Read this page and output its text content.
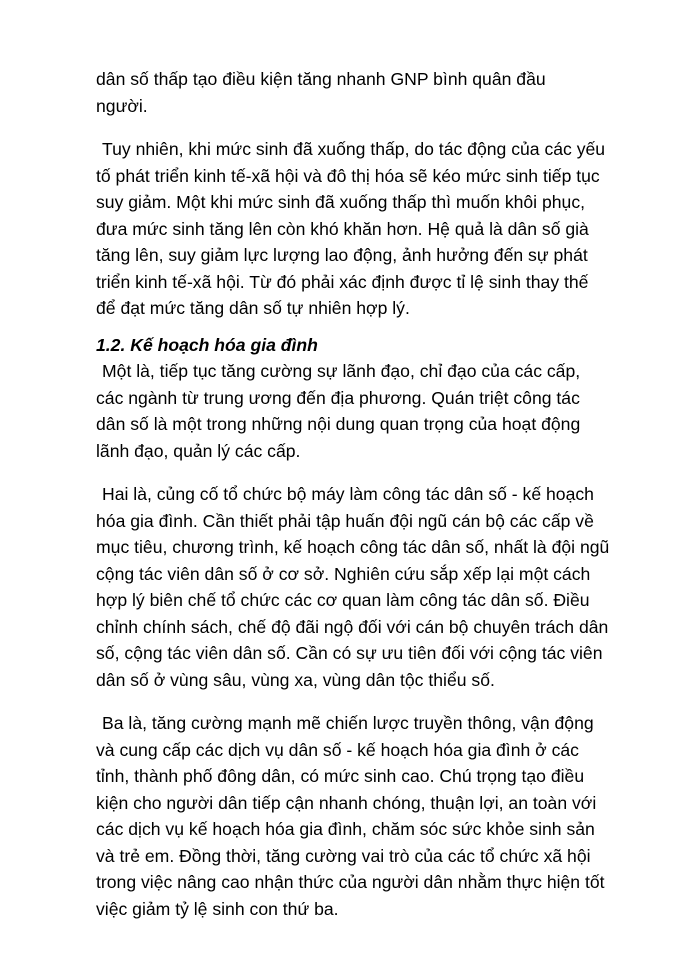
dân số thấp tạo điều kiện tăng nhanh GNP bình quân đầu
người.

Tuy nhiên, khi mức sinh đã xuống thấp, do tác động của các yếu
tố phát triển kinh tế-xã hội và đô thị hóa sẽ kéo mức sinh tiếp tục
suy giảm. Một khi mức sinh đã xuống thấp thì muốn khôi phục,
đưa mức sinh tăng lên còn khó khăn hơn. Hệ quả là dân số già
tăng lên, suy giảm lực lượng lao động, ảnh hưởng đến sự phát
triển kinh tế-xã hội. Từ đó phải xác định được tỉ lệ sinh thay thế
để đạt mức tăng dân số tự nhiên hợp lý.

1.2. Kế hoạch hóa gia đình

Một là, tiếp tục tăng cường sự lãnh đạo, chỉ đạo của các cấp,
các ngành từ trung ương đến địa phương. Quán triệt công tác
dân số là một trong những nội dung quan trọng của hoạt động
lãnh đạo, quản lý các cấp.

Hai là, củng cố tổ chức bộ máy làm công tác dân số - kế hoạch
hóa gia đình. Cần thiết phải tập huấn đội ngũ cán bộ các cấp về
mục tiêu, chương trình, kế hoạch công tác dân số, nhất là đội ngũ
cộng tác viên dân số ở cơ sở. Nghiên cứu sắp xếp lại một cách
hợp lý biên chế tổ chức các cơ quan làm công tác dân số. Điều
chỉnh chính sách, chế độ đãi ngộ đối với cán bộ chuyên trách dân
số, cộng tác viên dân số. Cần có sự ưu tiên đối với cộng tác viên
dân số ở vùng sâu, vùng xa, vùng dân tộc thiểu số.

Ba là, tăng cường mạnh mẽ chiến lược truyền thông, vận động
và cung cấp các dịch vụ dân số - kế hoạch hóa gia đình ở các
tỉnh, thành phố đông dân, có mức sinh cao. Chú trọng tạo điều
kiện cho người dân tiếp cận nhanh chóng, thuận lợi, an toàn với
các dịch vụ kế hoạch hóa gia đình, chăm sóc sức khỏe sinh sản
và trẻ em. Đồng thời, tăng cường vai trò của các tổ chức xã hội
trong việc nâng cao nhận thức của người dân nhằm thực hiện tốt
việc giảm tỷ lệ sinh con thứ ba.
